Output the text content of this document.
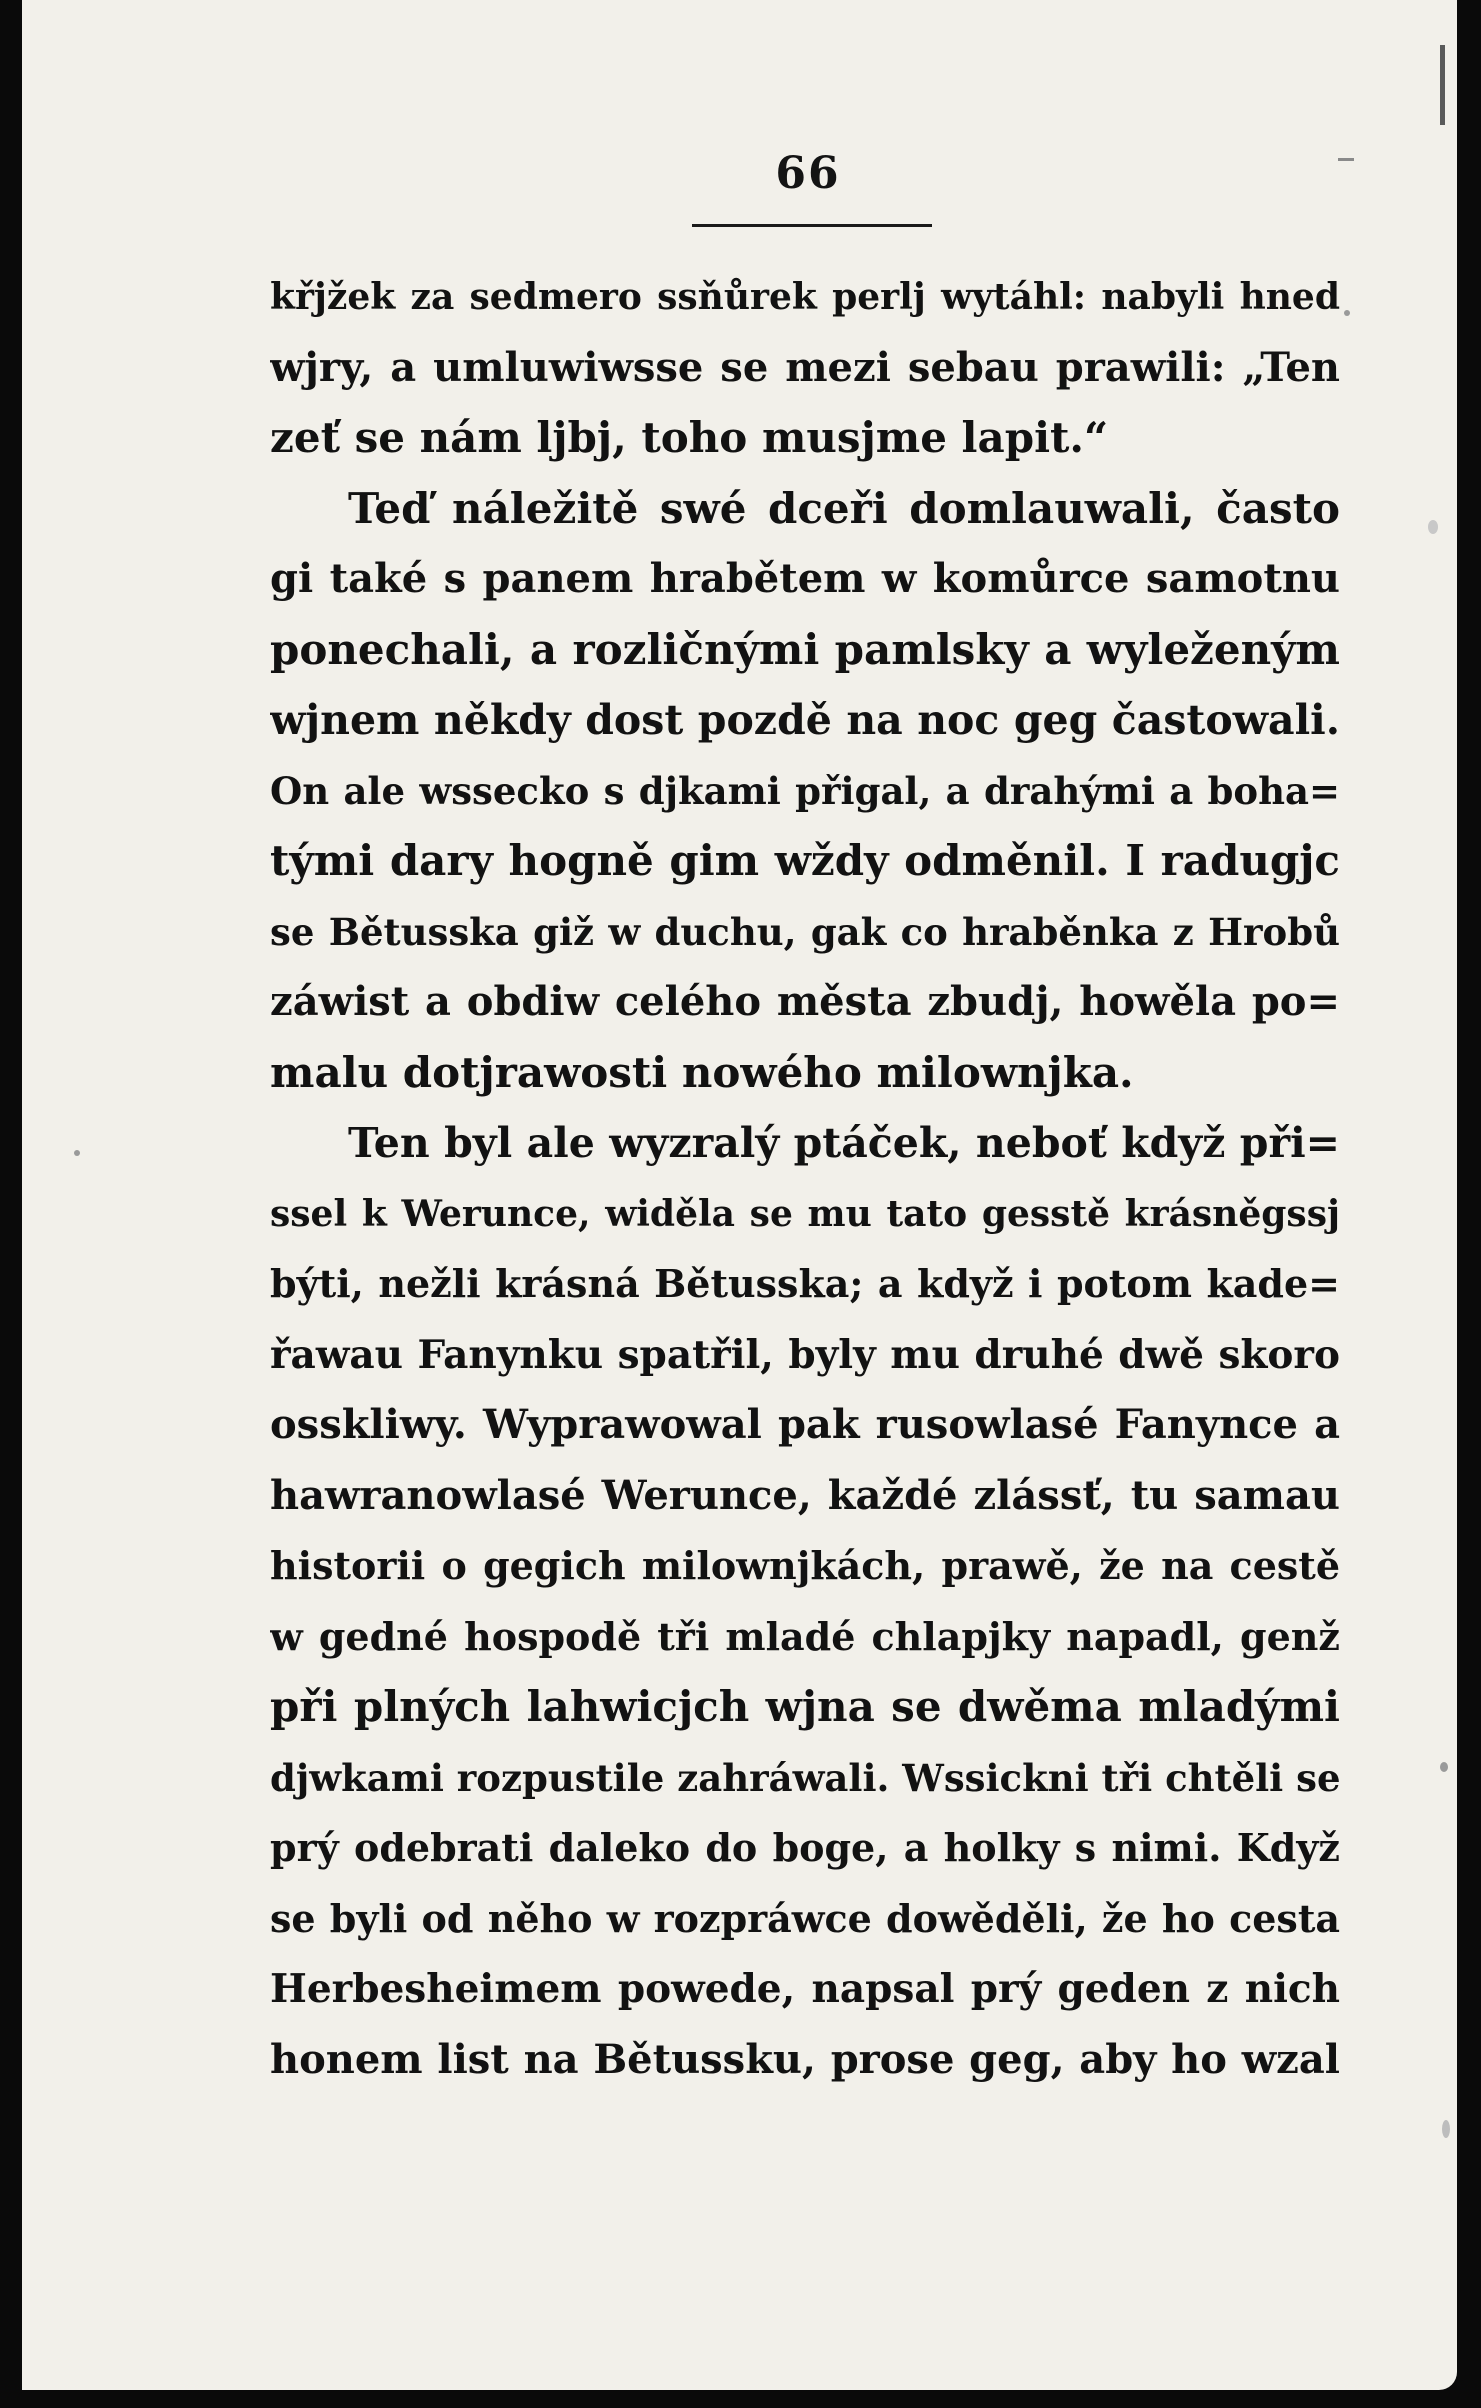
66
křjžek za sedmero ssňůrek perlj wytáhl: nabyli hned
wjry, a umluwiwsse se mezi sebau prawili: „Ten
zeť se nám ljbj, toho musjme lapit.“
Teď náležitě swé dceři domlauwali, často
gi také s panem hrabětem w komůrce samotnu
ponechali, a rozličnými pamlsky a wyleženým
wjnem někdy dost pozdě na noc geg častowali.
On ale wssecko s djkami přigal, a drahými a boha=
tými dary hogně gim wždy odměnil. I radugjc
se Bětusska giž w duchu, gak co hraběnka z Hrobů
záwist a obdiw celého města zbudj, howěla po=
malu dotjrawosti nowého milownjka.
Ten byl ale wyzralý ptáček, neboť když při=
ssel k Werunce, widěla se mu tato gesstě krásněgssj
býti, nežli krásná Bětusska; a když i potom kade=
řawau Fanynku spatřil, byly mu druhé dwě skoro
osskliwy. Wyprawowal pak rusowlasé Fanynce a
hawranowlasé Werunce, každé zlássť, tu samau
historii o gegich milownjkách, prawě, že na cestě
w gedné hospodě tři mladé chlapjky napadl, genž
při plných lahwicjch wjna se dwěma mladými
djwkami rozpustile zahráwali. Wssickni tři chtěli se
prý odebrati daleko do boge, a holky s nimi. Když
se byli od něho w rozpráwce dowěděli, že ho cesta
Herbesheimem powede, napsal prý geden z nich
honem list na Bětussku, prose geg, aby ho wzal
